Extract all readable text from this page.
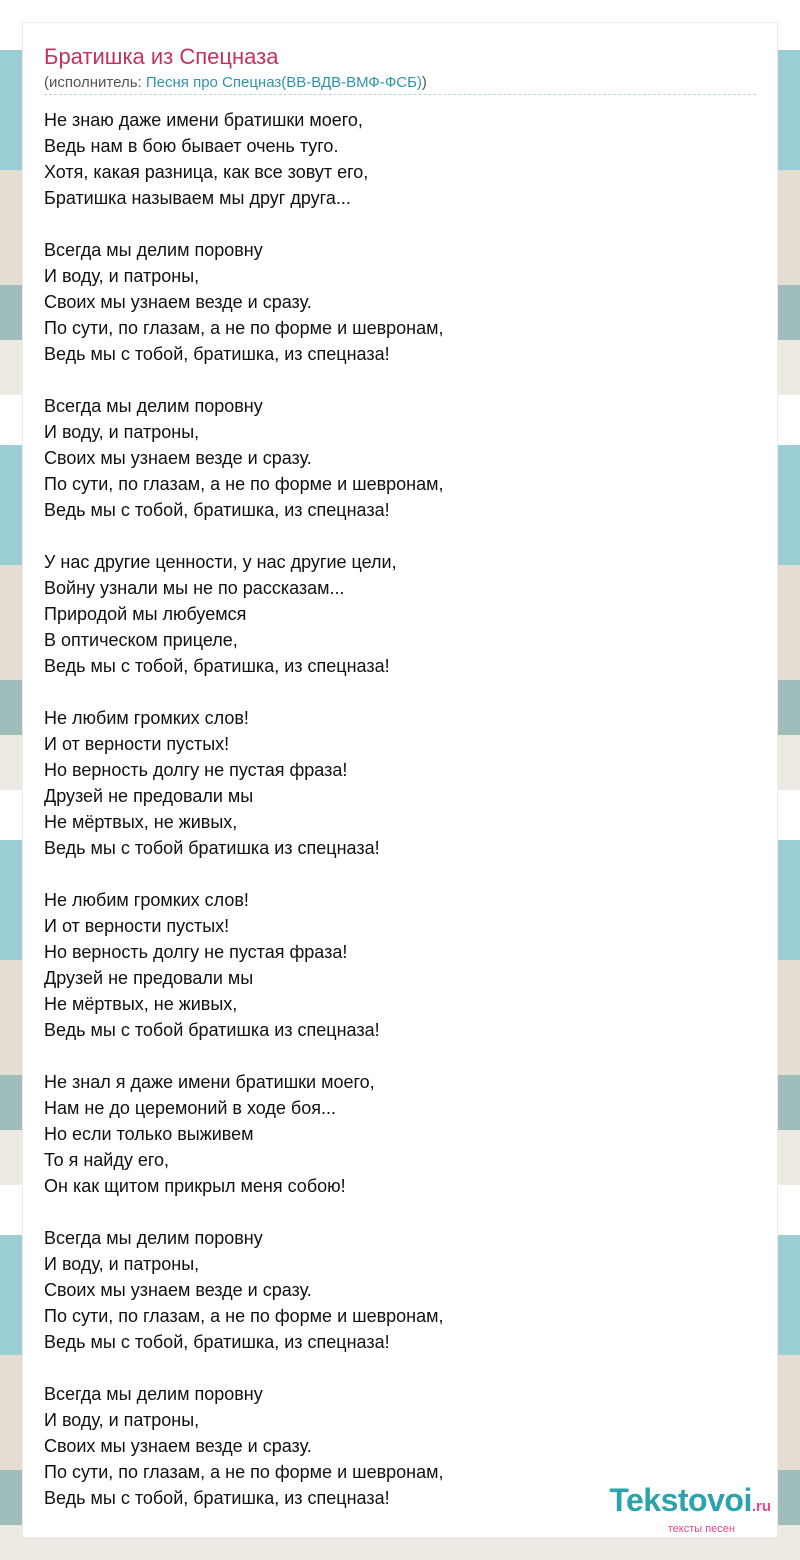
Братишка из Спецназа
(исполнитель: Песня про Спецназ(ВВ-ВДВ-ВМФ-ФСБ))
Не знаю даже имени братишки моего,
Ведь нам в бою бывает очень туго.
Хотя, какая разница, как все зовут его,
Братишка называем мы друг друга...
Всегда мы делим поровну
И воду, и патроны,
Своих мы узнаем везде и сразу.
По сути, по глазам, а не по форме и шевронам,
Ведь мы с тобой, братишка, из спецназа!
Всегда мы делим поровну
И воду, и патроны,
Своих мы узнаем везде и сразу.
По сути, по глазам, а не по форме и шевронам,
Ведь мы с тобой, братишка, из спецназа!
У нас другие ценности, у нас другие цели,
Войну узнали мы не по рассказам...
Природой мы любуемся
В оптическом прицеле,
Ведь мы с тобой, братишка, из спецназа!
Не любим громких слов!
И от верности пустых!
Но верность долгу не пустая фраза!
Друзей не предовали мы
Не мёртвых, не живых,
Ведь мы с тобой братишка из спецназа!
Не любим громких слов!
И от верности пустых!
Но верность долгу не пустая фраза!
Друзей не предовали мы
Не мёртвых, не живых,
Ведь мы с тобой братишка из спецназа!
Не знал я даже имени братишки моего,
Нам не до церемоний в ходе боя...
Но если только выживем
То я найду его,
Он как щитом прикрыл меня собою!
Всегда мы делим поровну
И воду, и патроны,
Своих мы узнаем везде и сразу.
По сути, по глазам, а не по форме и шевронам,
Ведь мы с тобой, братишка, из спецназа!
Всегда мы делим поровну
И воду, и патроны,
Своих мы узнаем везде и сразу.
По сути, по глазам, а не по форме и шевронам,
Ведь мы с тобой, братишка, из спецназа!	Tekstovoi.ru
тексты песен
